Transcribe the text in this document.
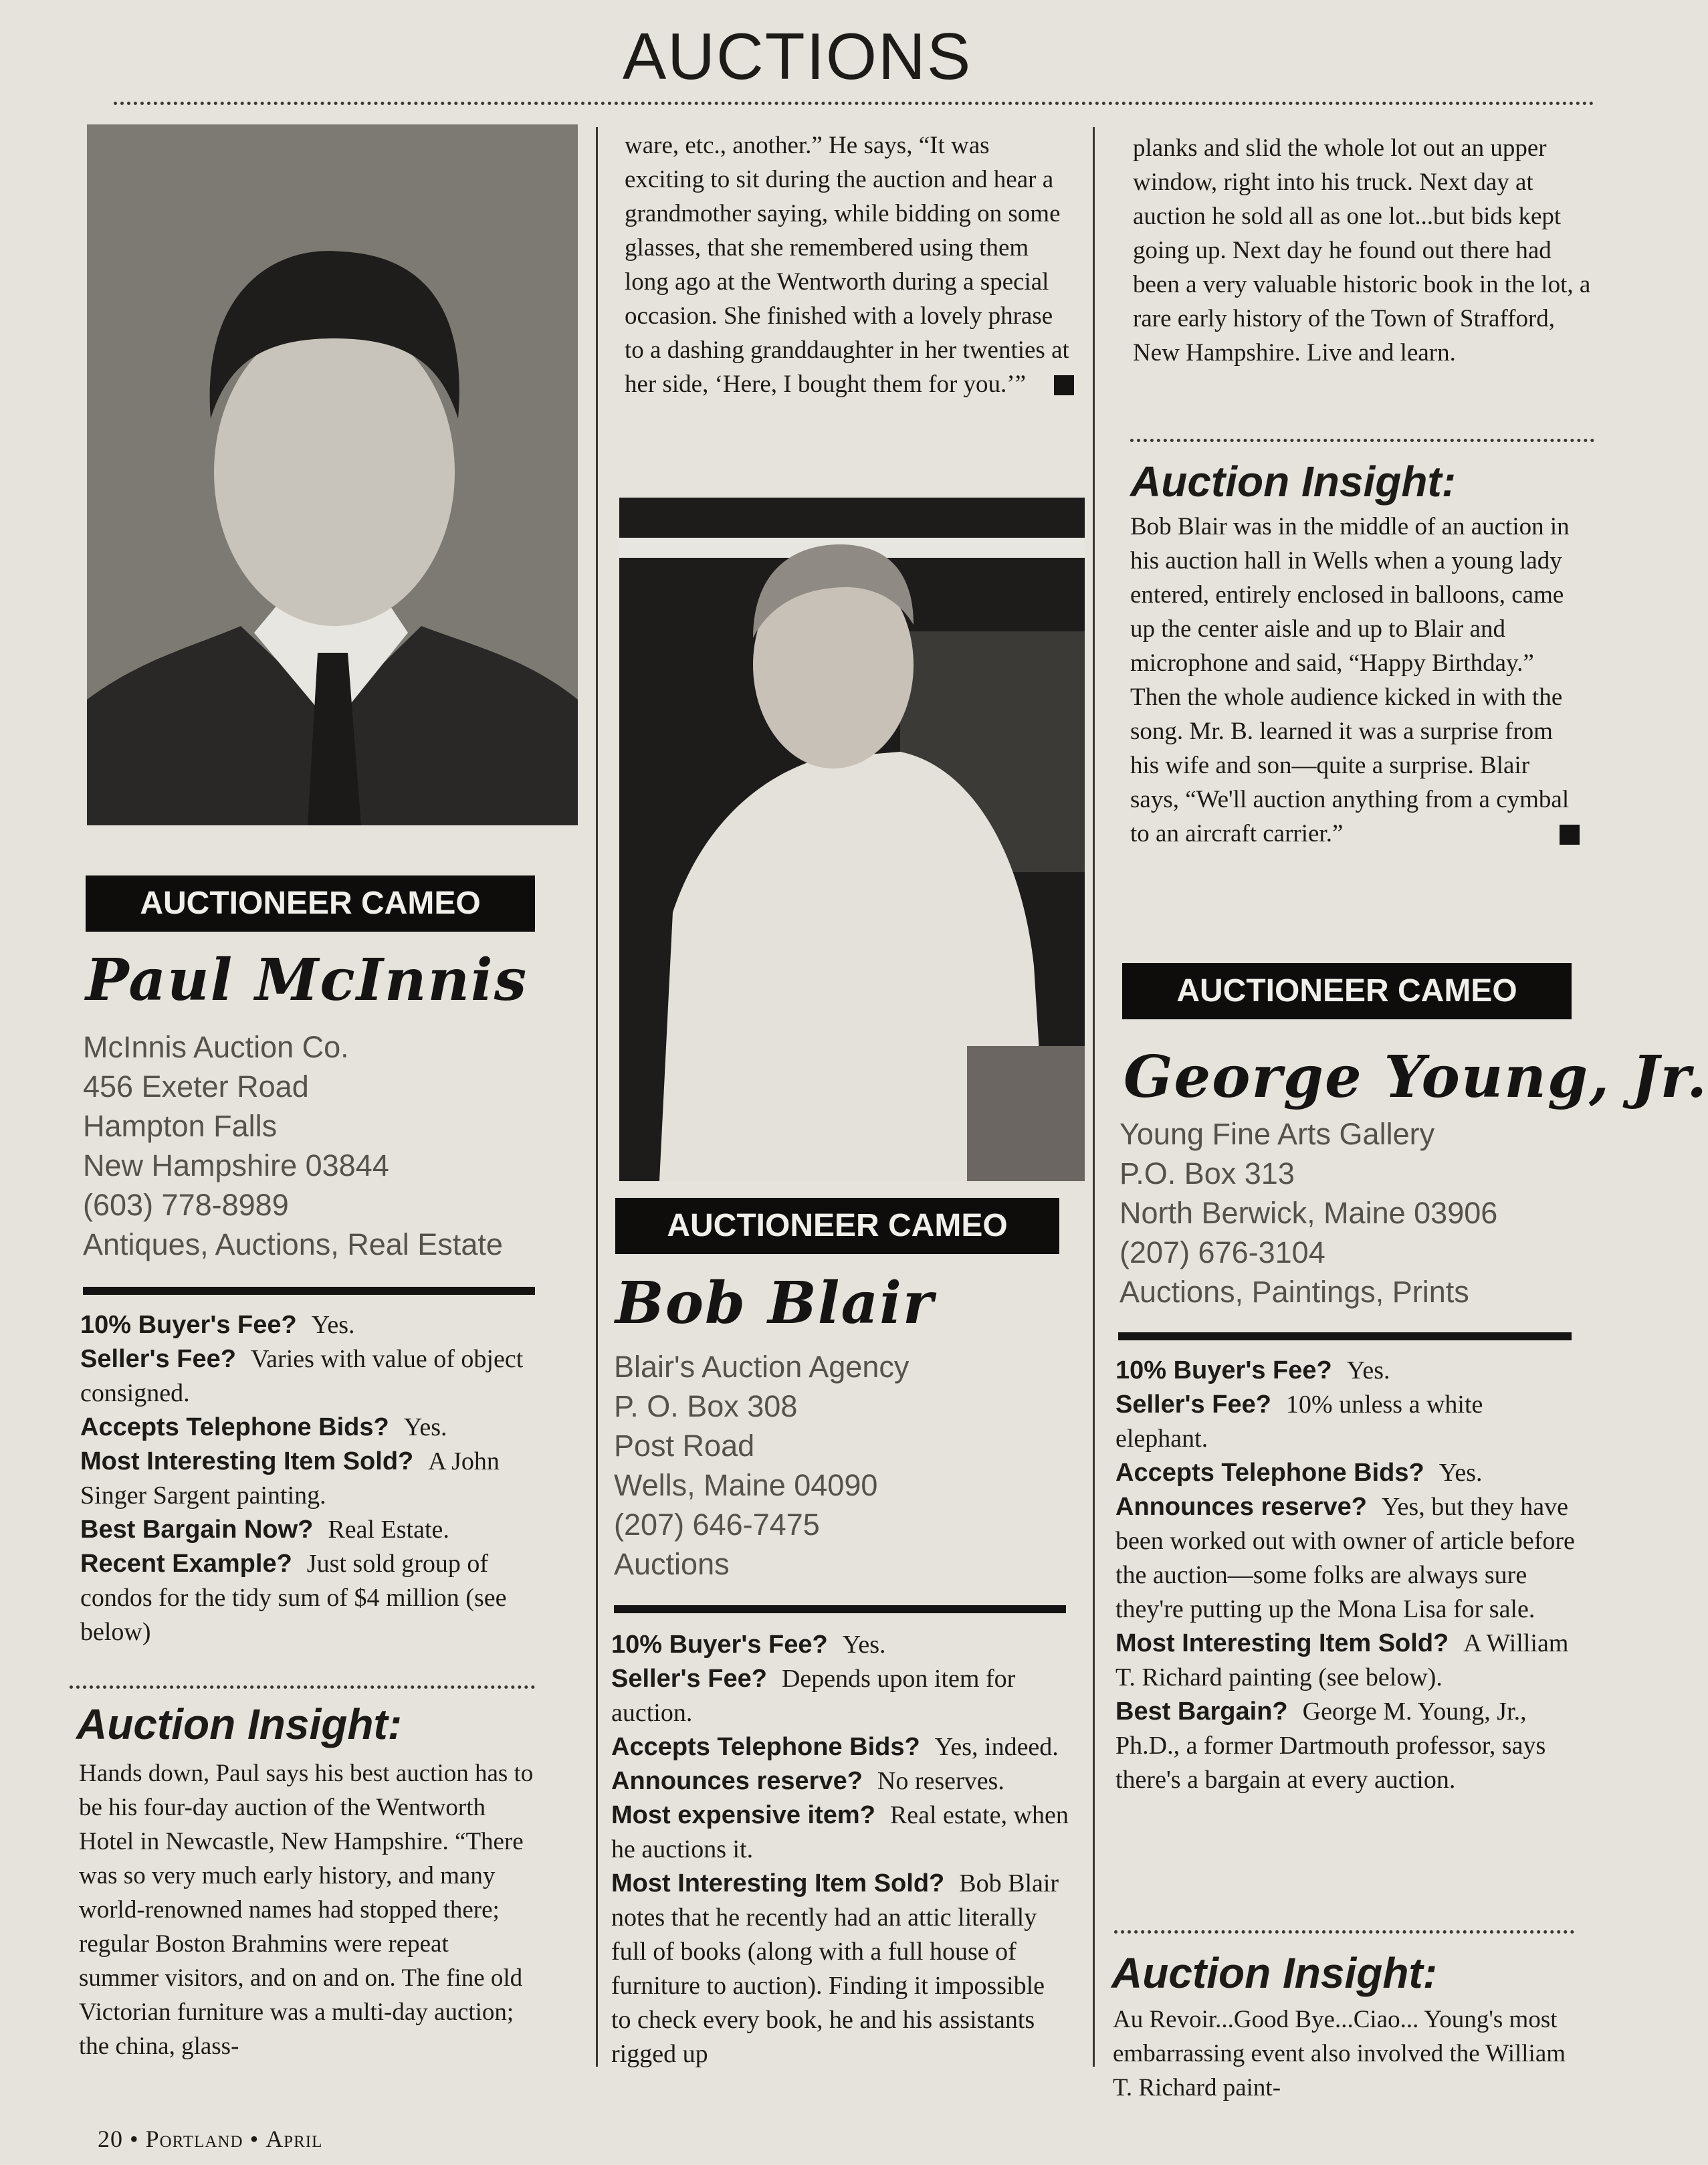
AUCTIONS
AUCTIONEER CAMEO
Paul McInnis
McInnis Auction Co.
456 Exeter Road
Hampton Falls
New Hampshire 03844
(603) 778-8989
Antiques, Auctions, Real Estate
10% Buyer's Fee? Yes.
Seller's Fee? Varies with value of object consigned.
Accepts Telephone Bids? Yes.
Most Interesting Item Sold? A John Singer Sargent painting.
Best Bargain Now? Real Estate.
Recent Example? Just sold group of condos for the tidy sum of $4 million (see below)
Auction Insight:
Hands down, Paul says his best auction has to be his four-day auction of the Wentworth Hotel in Newcastle, New Hampshire. “There was so very much early history, and many world-renowned names had stopped there; regular Boston Brahmins were repeat summer visitors, and on and on. The fine old Victorian furniture was a multi-day auction; the china, glass-
ware, etc., another.” He says, “It was exciting to sit during the auction and hear a grandmother saying, while bidding on some glasses, that she remembered using them long ago at the Wentworth during a special occasion. She finished with a lovely phrase to a dashing granddaughter in her twenties at her side, ‘Here, I bought them for you.’”
AUCTIONEER CAMEO
Bob Blair
Blair's Auction Agency
P. O. Box 308
Post Road
Wells, Maine 04090
(207) 646-7475
Auctions
10% Buyer's Fee? Yes.
Seller's Fee? Depends upon item for auction.
Accepts Telephone Bids? Yes, indeed.
Announces reserve? No reserves.
Most expensive item? Real estate, when he auctions it.
Most Interesting Item Sold? Bob Blair notes that he recently had an attic literally full of books (along with a full house of furniture to auction). Finding it impossible to check every book, he and his assistants rigged up
planks and slid the whole lot out an upper window, right into his truck. Next day at auction he sold all as one lot...but bids kept going up. Next day he found out there had been a very valuable historic book in the lot, a rare early history of the Town of Strafford, New Hampshire. Live and learn.
Auction Insight:
Bob Blair was in the middle of an auction in his auction hall in Wells when a young lady entered, entirely enclosed in balloons, came up the center aisle and up to Blair and microphone and said, “Happy Birthday.” Then the whole audience kicked in with the song. Mr. B. learned it was a surprise from his wife and son—quite a surprise. Blair says, “We'll auction anything from a cymbal to an aircraft carrier.”
AUCTIONEER CAMEO
George Young, Jr.
Young Fine Arts Gallery
P.O. Box 313
North Berwick, Maine 03906
(207) 676-3104
Auctions, Paintings, Prints
10% Buyer's Fee? Yes.
Seller's Fee? 10% unless a white elephant.
Accepts Telephone Bids? Yes.
Announces reserve? Yes, but they have been worked out with owner of article before the auction—some folks are always sure they're putting up the Mona Lisa for sale.
Most Interesting Item Sold? A William T. Richard painting (see below).
Best Bargain? George M. Young, Jr., Ph.D., a former Dartmouth professor, says there's a bargain at every auction.
Auction Insight:
Au Revoir...Good Bye...Ciao... Young's most embarrassing event also involved the William T. Richard paint-
20 • Portland • April
